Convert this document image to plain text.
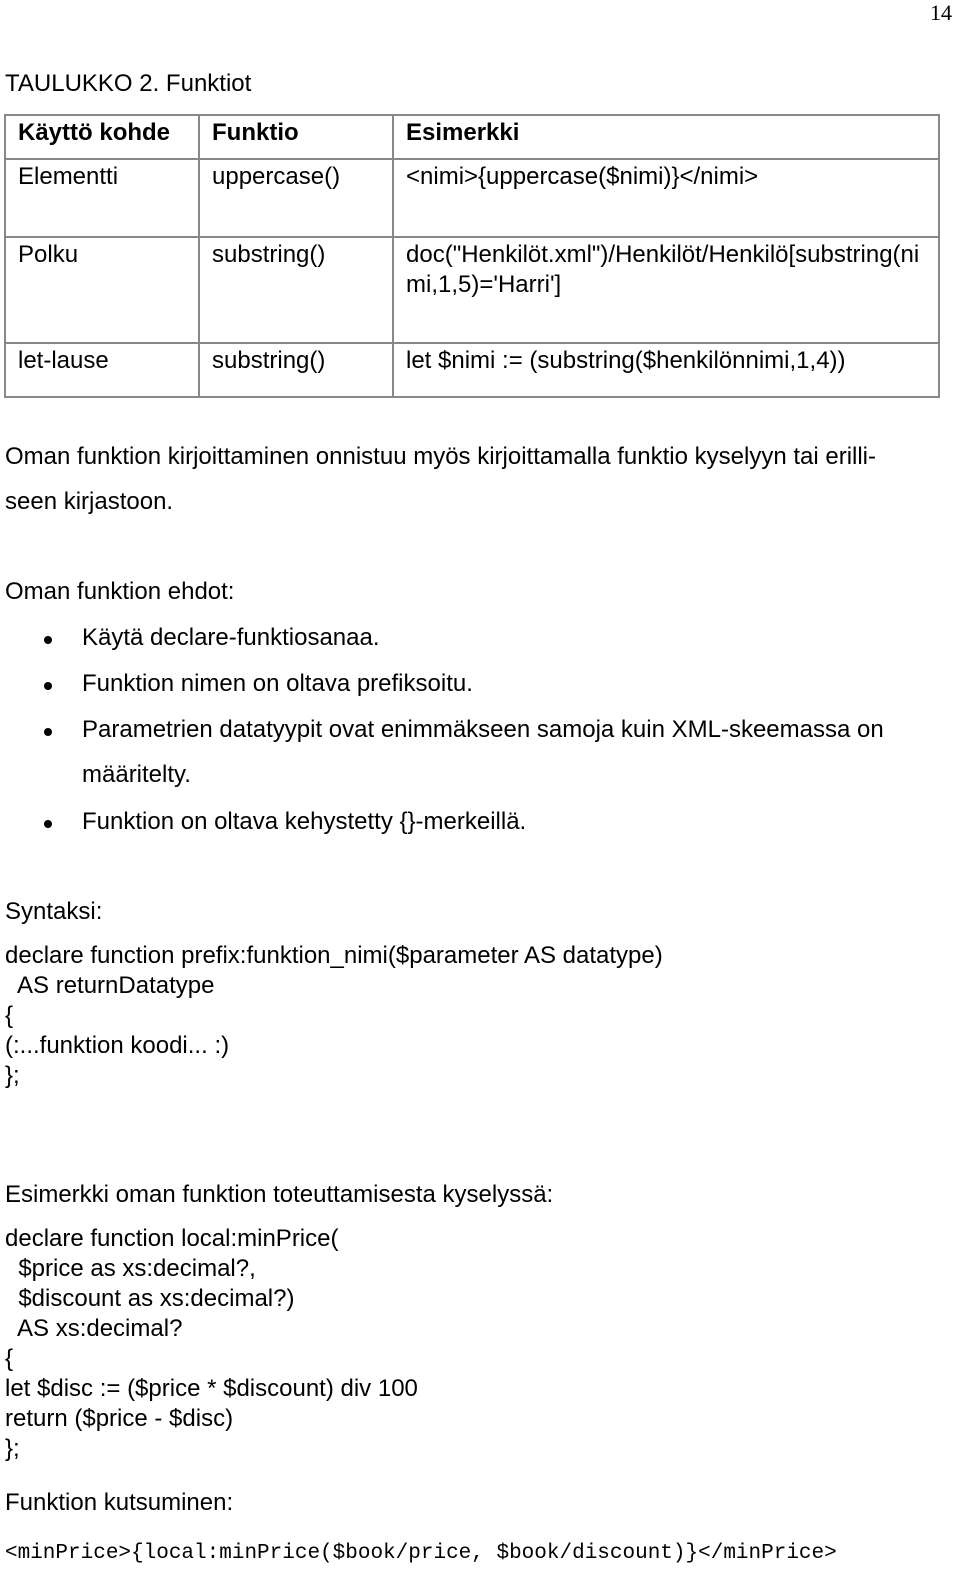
14
TAULUKKO 2. Funktiot
Käyttö kohde	Funktio	Esimerkki
Elementti	uppercase()	<nimi>{uppercase($nimi)}</nimi>
Polku	substring()	doc("Henkilöt.xml")/Henkilöt/Henkilö[substring(nimi,1,5)='Harri']
let-lause	substring()	let $nimi := (substring($henkilönnimi,1,4))
Oman funktion kirjoittaminen onnistuu myös kirjoittamalla funktio kyselyyn tai erilli-
seen kirjastoon.
Oman funktion ehdot:
Käytä declare-funktiosanaa.
Funktion nimen on oltava prefiksoitu.
Parametrien datatyypit ovat enimmäkseen samoja kuin XML-skeemassa on
määritelty.
Funktion on oltava kehystetty {}-merkeillä.
Syntaksi:
declare function prefix:funktion_nimi($parameter AS datatype)
AS returnDatatype
{
(:...funktion koodi... :)
};
Esimerkki oman funktion toteuttamisesta kyselyssä:
declare function local:minPrice(
$price as xs:decimal?,
$discount as xs:decimal?)
AS xs:decimal?
{
let $disc := ($price * $discount) div 100
return ($price - $disc)
};
Funktion kutsuminen:
<minPrice>{local:minPrice($book/price, $book/discount)}</minPrice>
